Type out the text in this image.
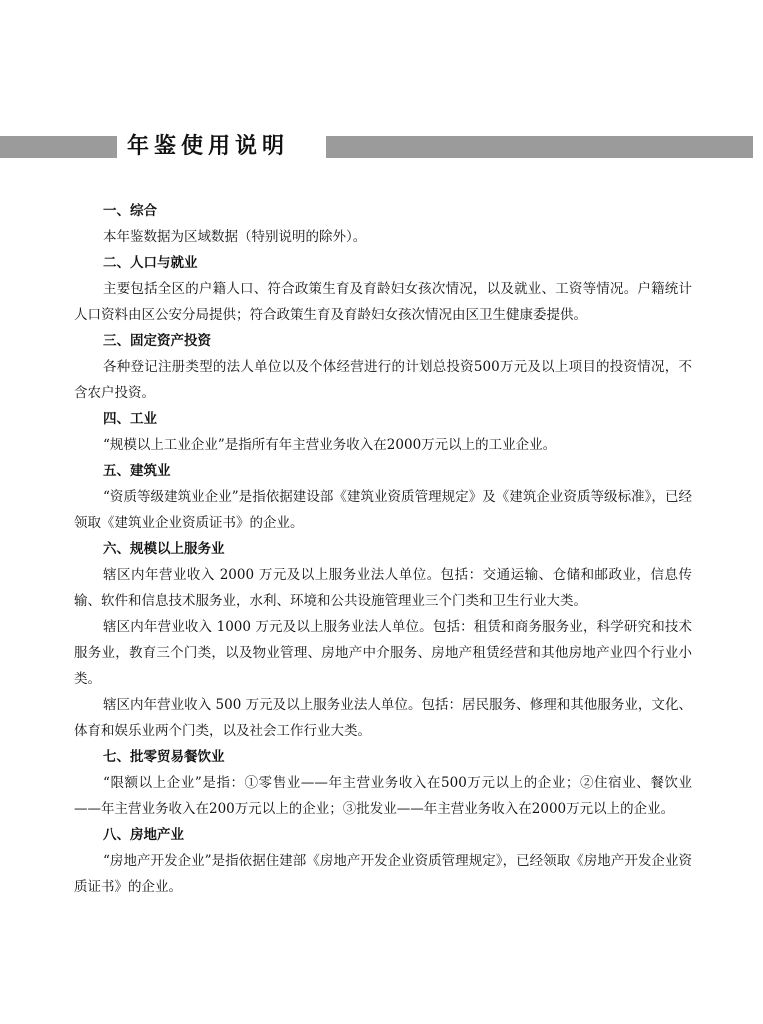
年鉴使用说明
一、综合

本年鉴数据为区域数据（特别说明的除外）。

二、人口与就业

主要包括全区的户籍人口、符合政策生育及育龄妇女孩次情况，以及就业、工资等情况。户籍统计人口资料由区公安分局提供；符合政策生育及育龄妇女孩次情况由区卫生健康委提供。

三、固定资产投资

各种登记注册类型的法人单位以及个体经营进行的计划总投资500万元及以上项目的投资情况，不含农户投资。

四、工业

“规模以上工业企业”是指所有年主营业务收入在2000万元以上的工业企业。

五、建筑业

“资质等级建筑业企业”是指依据建设部《建筑业资质管理规定》及《建筑企业资质等级标准》，已经领取《建筑业企业资质证书》的企业。

六、规模以上服务业

辖区内年营业收入 2000 万元及以上服务业法人单位。包括：交通运输、仓储和邮政业，信息传输、软件和信息技术服务业，水利、环境和公共设施管理业三个门类和卫生行业大类。

辖区内年营业收入 1000 万元及以上服务业法人单位。包括：租赁和商务服务业，科学研究和技术服务业，教育三个门类，以及物业管理、房地产中介服务、房地产租赁经营和其他房地产业四个行业小类。

辖区内年营业收入 500 万元及以上服务业法人单位。包括：居民服务、修理和其他服务业，文化、体育和娱乐业两个门类，以及社会工作行业大类。

七、批零贸易餐饮业

“限额以上企业”是指：①零售业——年主营业务收入在500万元以上的企业；②住宿业、餐饮业——年主营业务收入在200万元以上的企业；③批发业——年主营业务收入在2000万元以上的企业。

八、房地产业

“房地产开发企业”是指依据住建部《房地产开发企业资质管理规定》，已经领取《房地产开发企业资质证书》的企业。
